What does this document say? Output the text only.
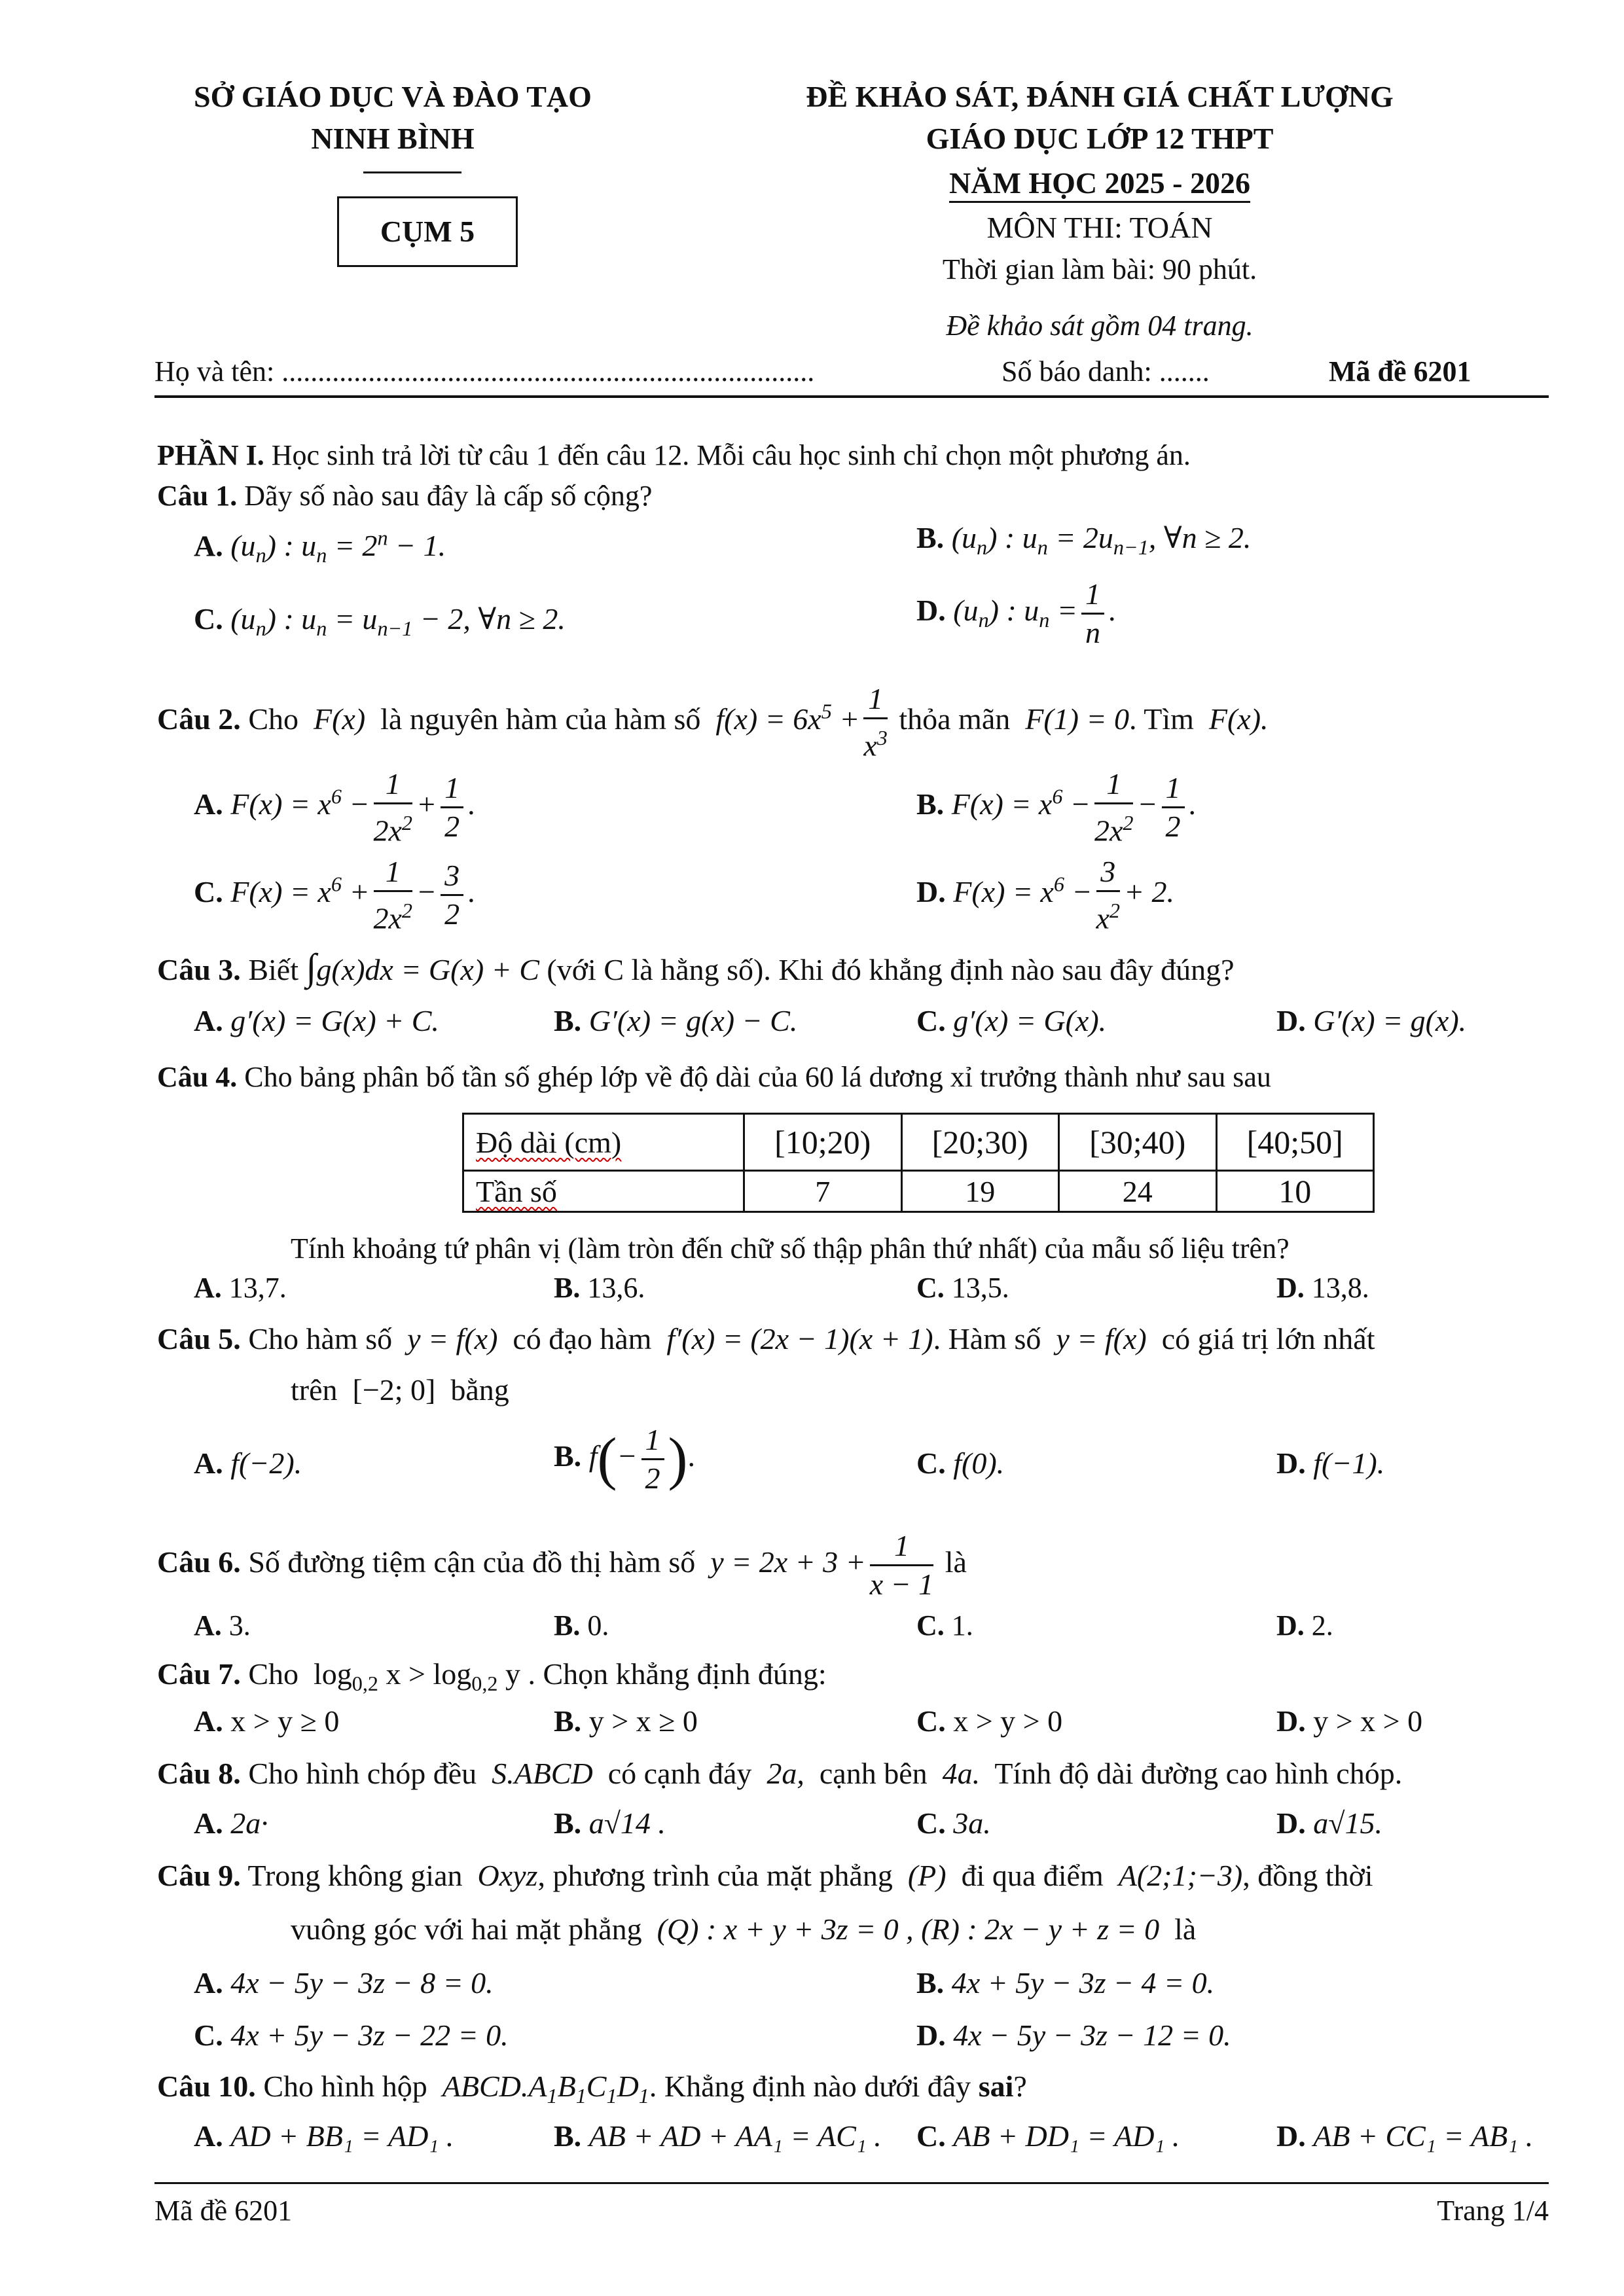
SỞ GIÁO DỤC VÀ ĐÀO TẠO
NINH BÌNH
CỤM 5
ĐỀ KHẢO SÁT, ĐÁNH GIÁ CHẤT LƯỢNG
GIÁO DỤC LỚP 12 THPT
NĂM HỌC 2025 - 2026
MÔN THI: TOÁN
Thời gian làm bài: 90 phút.
Đề khảo sát gồm 04 trang.
Họ và tên: ..........................................................................	Số báo danh: .......	Mã đề 6201
PHẦN I. Học sinh trả lời từ câu 1 đến câu 12. Mỗi câu học sinh chỉ chọn một phương án.
Câu 1. Dãy số nào sau đây là cấp số cộng?
A. $(u_n)$ : $u_n = 2^n - 1$.	B. $(u_n)$ : $u_n = 2u_{n-1}$, ∀n ≥ 2.
C. $(u_n)$ : $u_n = u_{n-1} - 2$, ∀n ≥ 2.	D. $(u_n)$ : $u_n = \frac{1}{n}$ .
Câu 2. Cho  F(x)  là nguyên hàm của hàm số  $f(x) = 6x^5 + \frac{1}{x^3}$ thỏa mãn  F(1) = 0. Tìm  F(x).
A. $F(x) = x^6 - \frac{1}{2x^2} + \frac{1}{2}$ .	B. $F(x) = x^6 - \frac{1}{2x^2} - \frac{1}{2}$ .
C. $F(x) = x^6 + \frac{1}{2x^2} - \frac{3}{2}$ .	D. $F(x) = x^6 - \frac{3}{x^2} + 2$.
Câu 3. Biết ∫g(x)dx = G(x) + C (với C là hằng số). Khi đó khẳng định nào sau đây đúng?
A. g′(x) = G(x) + C.	B. G′(x) = g(x) − C.	C. g′(x) = G(x).	D. G′(x) = g(x).
Câu 4. Cho bảng phân bố tần số ghép lớp về độ dài của 60 lá dương xỉ trưởng thành như sau sau
Độ dài (cm)	[10;20)	[20;30)	[30;40)	[40;50]
Tần số	7	19	24	10
Tính khoảng tứ phân vị (làm tròn đến chữ số thập phân thứ nhất) của mẫu số liệu trên?
A. 13,7.	B. 13,6.	C. 13,5.	D. 13,8.
Câu 5. Cho hàm số  y = f(x)  có đạo hàm  f′(x) = (2x − 1)(x + 1). Hàm số  y = f(x)  có giá trị lớn nhất
trên  [−2; 0]  bằng
A. f(−2).	B. $f(- \frac{1}{2}$ ).	C. f(0).	D. f(−1).
Câu 6. Số đường tiệm cận của đồ thị hàm số  $y = 2x + 3 + \frac{1}{x - 1}$ là
A. 3.	B. 0.	C. 1.	D. 2.
Câu 7. Cho  $\log_{0,2} x > \log_{0,2} y$ . Chọn khẳng định đúng:
A. x > y ≥ 0	B. y > x ≥ 0	C. x > y > 0	D. y > x > 0
Câu 8. Cho hình chóp đều  S.ABCD  có cạnh đáy  2a,  cạnh bên  4a.  Tính độ dài đường cao hình chóp.
A. 2a·	B. a√14 .	C. 3a.	D. a√15.
Câu 9. Trong không gian  Oxyz, phương trình của mặt phẳng  (P)  đi qua điểm  A(2;1;−3), đồng thời
vuông góc với hai mặt phẳng  (Q) : x + y + 3z = 0 , (R) : 2x − y + z = 0  là
A. 4x − 5y − 3z − 8 = 0.	B. 4x + 5y − 3z − 4 = 0.
C. 4x + 5y − 3z − 22 = 0.	D. 4x − 5y − 3z − 12 = 0.
Câu 10. Cho hình hộp  $ABCD.A_1B_1C_1D_1$. Khẳng định nào dưới đây sai?
A. AD + BB₁ = AD₁ .	B. AB + AD + AA₁ = AC₁ . C. AB + DD₁ = AD₁ .	D. AB + CC₁ = AB₁ .
Mã đề 6201	Trang 1/4
